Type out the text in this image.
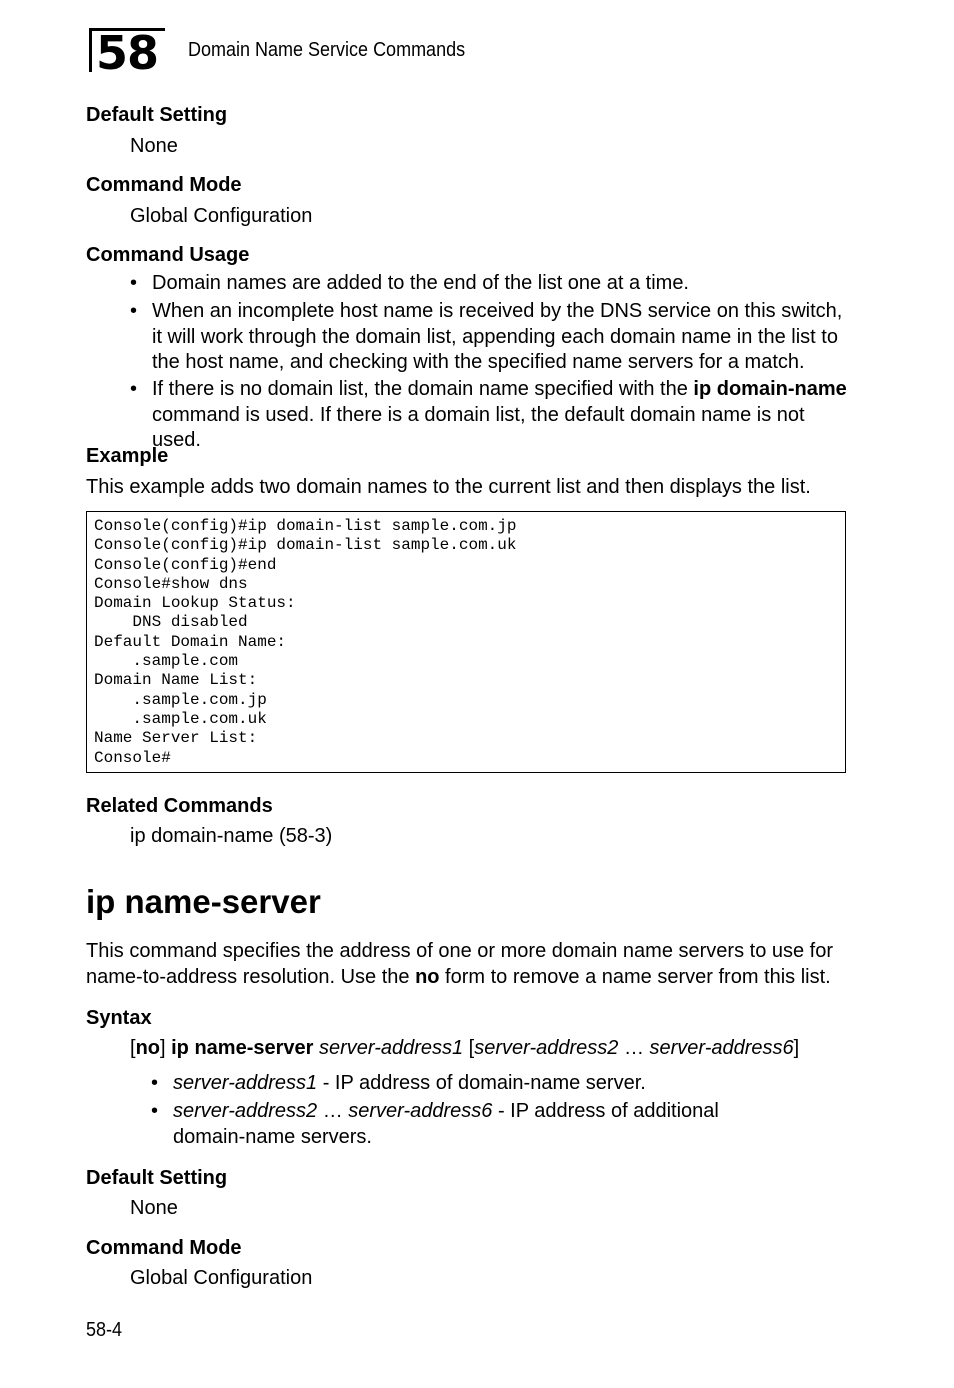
58	Domain Name Service Commands
Default Setting
None
Command Mode
Global Configuration
Command Usage
• Domain names are added to the end of the list one at a time.
• When an incomplete host name is received by the DNS service on this switch, it will work through the domain list, appending each domain name in the list to the host name, and checking with the specified name servers for a match.
• If there is no domain list, the domain name specified with the ip domain-name command is used. If there is a domain list, the default domain name is not used.
Example
This example adds two domain names to the current list and then displays the list.
Console(config)#ip domain-list sample.com.jp
Console(config)#ip domain-list sample.com.uk
Console(config)#end
Console#show dns
Domain Lookup Status:
DNS disabled
Default Domain Name:
.sample.com
Domain Name List:
.sample.com.jp
.sample.com.uk
Name Server List:
Console#
Related Commands
ip domain-name (58-3)
ip name-server
This command specifies the address of one or more domain name servers to use for name-to-address resolution. Use the no form to remove a name server from this list.
Syntax
[no] ip name-server server-address1 [server-address2 … server-address6]
• server-address1 - IP address of domain-name server.
• server-address2 … server-address6 - IP address of additional domain-name servers.
Default Setting
None
Command Mode
Global Configuration
58-4
